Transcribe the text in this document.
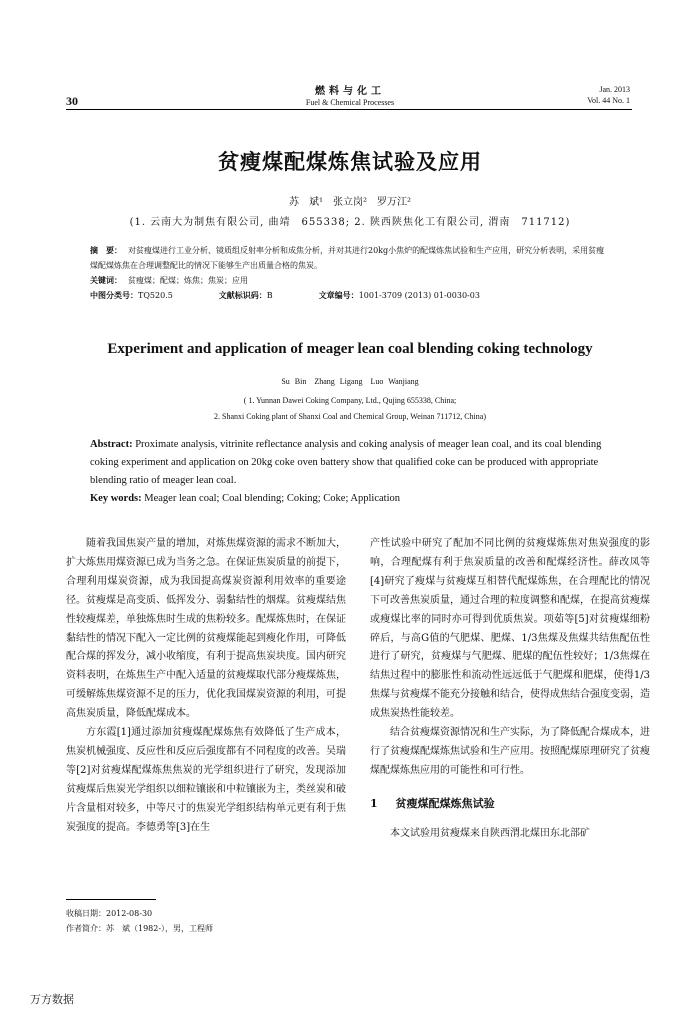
30
燃料与化工
Fuel & Chemical Processes
Jan. 2013
Vol. 44 No. 1
贫瘦煤配煤炼焦试验及应用
苏　斌¹　张立岗²　罗万江²
(1. 云南大为制焦有限公司, 曲靖　655338; 2. 陕西陕焦化工有限公司, 渭南　711712)
摘　要： 对贫瘦煤进行工业分析、镜质组反射率分析和成焦分析，并对其进行20kg小焦炉的配煤炼焦试验和生产应用，研究分析表明，采用贫瘦煤配煤炼焦在合理调整配比的情况下能够生产出质量合格的焦炭。
关键词： 贫瘦煤；配煤；炼焦；焦炭；应用
中图分类号：TQ520.5	文献标识码：B	文章编号：1001-3709 (2013) 01-0030-03
Experiment and application of meager lean coal blending coking technology
Su Bin　Zhang Ligang　Luo Wanjiang
( 1. Yunnan Dawei Coking Company, Ltd., Qujing 655338, China;
2. Shanxi Coking plant of Shanxi Coal and Chemical Group, Weinan 711712, China)
Abstract: Proximate analysis, vitrinite reflectance analysis and coking analysis of meager lean coal, and its coal blending coking experiment and application on 20kg coke oven battery show that qualified coke can be produced with appropriate blending ratio of meager lean coal.
Key words: Meager lean coal; Coal blending; Coking; Coke; Application

随着我国焦炭产量的增加，对炼焦煤资源的需求不断加大，扩大炼焦用煤资源已成为当务之急。在保证焦炭质量的前提下，合理利用煤炭资源，成为我国提高煤炭资源利用效率的重要途径。贫瘦煤是高变质、低挥发分、弱黏结性的烟煤。贫瘦煤结焦性较瘦煤差，单独炼焦时生成的焦粉较多。配煤炼焦时，在保证黏结性的情况下配入一定比例的贫瘦煤能起到瘦化作用，可降低配合煤的挥发分，减小收缩度，有利于提高焦炭块度。国内研究资料表明，在炼焦生产中配入适量的贫瘦煤取代部分瘦煤炼焦，可缓解炼焦煤资源不足的压力，优化我国煤炭资源的利用，可提高焦炭质量，降低配煤成本。

方东霞[1]通过添加贫瘦煤配煤炼焦有效降低了生产成本，焦炭机械强度、反应性和反应后强度都有不同程度的改善。吴瑞等[2]对贫瘦煤配煤炼焦焦炭的光学组织进行了研究，发现添加贫瘦煤后焦炭光学组织以细粒镶嵌和中粒镶嵌为主，类丝炭和破片含量相对较多，中等尺寸的焦炭光学组织结构单元更有利于焦炭强度的提高。李德勇等[3]在生

产性试验中研究了配加不同比例的贫瘦煤炼焦对焦炭强度的影响，合理配煤有利于焦炭质量的改善和配煤经济性。薛改凤等[4]研究了瘦煤与贫瘦煤互相替代配煤炼焦，在合理配比的情况下可改善焦炭质量，通过合理的粒度调整和配煤，在提高贫瘦煤或瘦煤比率的同时亦可得到优质焦炭。项茹等[5]对贫瘦煤细粉碎后，与高G值的气肥煤、肥煤、1/3焦煤及焦煤共结焦配伍性进行了研究，贫瘦煤与气肥煤、肥煤的配伍性较好；1/3焦煤在结焦过程中的膨胀性和流动性远远低于气肥煤和肥煤，使得1/3焦煤与贫瘦煤不能充分接触和结合，使得成焦结合强度变弱，造成焦炭热性能较差。

结合贫瘦煤资源情况和生产实际，为了降低配合煤成本，进行了贫瘦煤配煤炼焦试验和生产应用。按照配煤原理研究了贫瘦煤配煤炼焦应用的可能性和可行性。

1 贫瘦煤配煤炼焦试验

本文试验用贫瘦煤来自陕西渭北煤田东北部矿

收稿日期：2012-08-30
作者简介：苏　斌（1982-），男，工程师
万方数据
